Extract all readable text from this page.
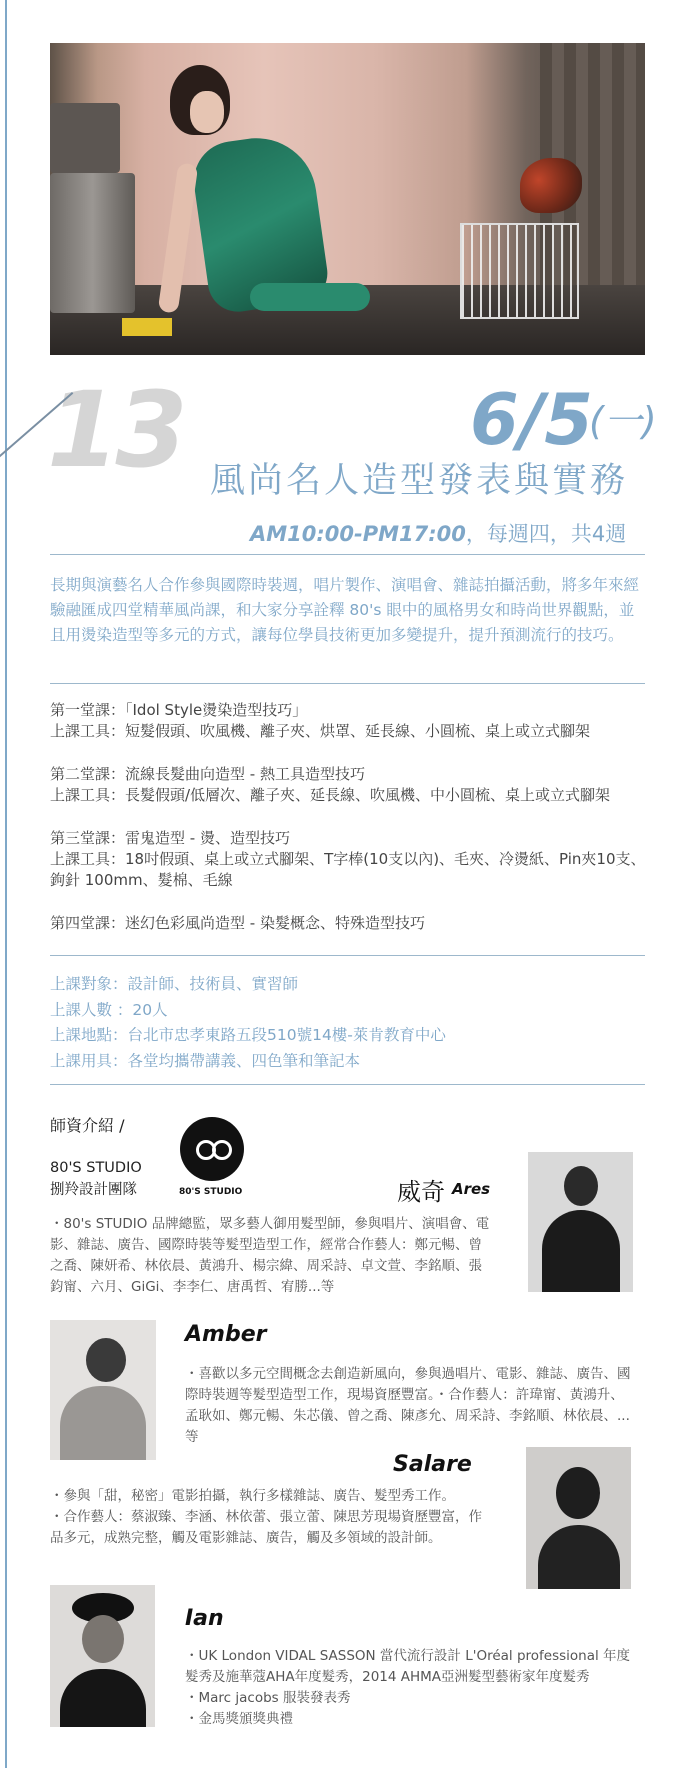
13	6/5
(一)
風尚名人造型發表與實務
AM10:00-PM17:00，每週四，共4週
長期與演藝名人合作參與國際時裝週，唱片製作、演唱會、雜誌拍攝活動，將多年來經驗融匯成四堂精華風尚課，和大家分享詮釋 80's 眼中的風格男女和時尚世界觀點，並且用燙染造型等多元的方式，讓每位學員技術更加多變提升，提升預測流行的技巧。
第一堂課：「Idol Style燙染造型技巧」
上課工具：短髮假頭、吹風機、離子夾、烘罩、延長線、小圓梳、桌上或立式腳架
第二堂課：流線長髮曲向造型 - 熱工具造型技巧
上課工具：長髮假頭/低層次、離子夾、延長線、吹風機、中小圓梳、桌上或立式腳架
第三堂課：雷鬼造型 - 燙、造型技巧
上課工具：18吋假頭、桌上或立式腳架、T字棒(10支以內)、毛夾、冷燙紙、Pin夾10支、鉤針 100mm、髮棉、毛線
第四堂課：迷幻色彩風尚造型 - 染髮概念、特殊造型技巧
上課對象：設計師、技術員、實習師
上課人數 ：20人
上課地點：台北市忠孝東路五段510號14樓-萊肯教育中心
上課用具：各堂均攜帶講義、四色筆和筆記本
師資介紹 /
80'S STUDIO
捌羚設計團隊	80'S STUDIO	威奇 Ares
・80's STUDIO 品牌總監，眾多藝人御用髮型師，參與唱片、演唱會、電影、雜誌、廣告、國際時裝等髮型造型工作，經常合作藝人：鄭元暢、曾之喬、陳妍希、林依晨、黃鴻升、楊宗緯、周采詩、卓文萱、李銘順、張鈞甯、六月、GiGi、李李仁、唐禹哲、宥勝...等
Amber
・喜歡以多元空間概念去創造新風向，參與過唱片、電影、雜誌、廣告、國際時裝週等髮型造型工作，現場資歷豐富。・合作藝人：許瑋甯、黃鴻升、孟耿如、鄭元暢、朱芯儀、曾之喬、陳彥允、周采詩、李銘順、林依晨、...等
Salare
・參與「甜，秘密」電影拍攝，執行多樣雜誌、廣告、髮型秀工作。
・合作藝人：蔡淑臻、李涵、林依蕾、張立蕾、陳思芳現場資歷豐富，作品多元，成熟完整，觸及電影雜誌、廣告，觸及多領域的設計師。
Ian
・UK London VIDAL SASSON 當代流行設計 L'Oréal professional 年度髮秀及施華蔻AHA年度髮秀，2014 AHMA亞洲髮型藝術家年度髮秀
・Marc jacobs 服裝發表秀
・金馬獎頒獎典禮
